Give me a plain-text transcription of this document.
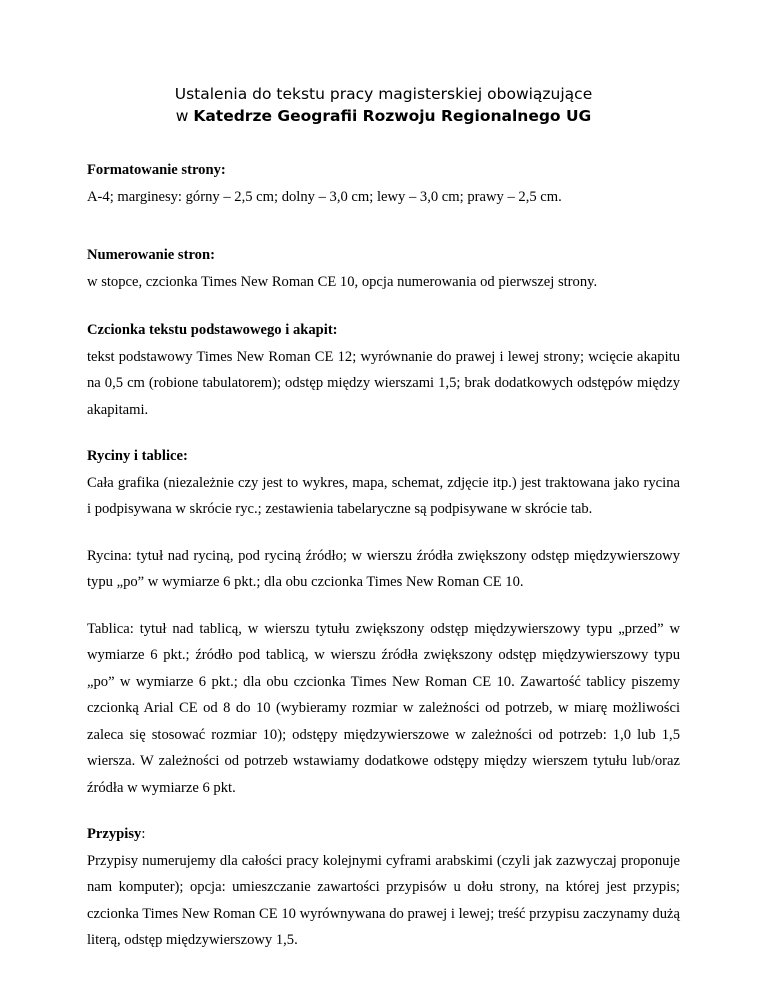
Ustalenia do tekstu pracy magisterskiej obowiązujące
w Katedrze Geografii Rozwoju Regionalnego UG
Formatowanie strony:

A-4; marginesy: górny – 2,5 cm; dolny – 3,0 cm; lewy – 3,0 cm; prawy – 2,5 cm.

Numerowanie stron:

w stopce, czcionka Times New Roman CE 10, opcja numerowania od pierwszej strony.

Czcionka tekstu podstawowego i akapit:

tekst podstawowy Times New Roman CE 12; wyrównanie do prawej i lewej strony; wcięcie akapitu na 0,5 cm (robione tabulatorem); odstęp między wierszami 1,5; brak dodatkowych odstępów między akapitami.

Ryciny i tablice:

Cała grafika (niezależnie czy jest to wykres, mapa, schemat, zdjęcie itp.) jest traktowana jako rycina i podpisywana w skrócie ryc.; zestawienia tabelaryczne są podpisywane w skrócie tab.

Rycina: tytuł nad ryciną, pod ryciną źródło; w wierszu źródła zwiększony odstęp międzywierszowy typu „po” w wymiarze 6 pkt.; dla obu czcionka Times New Roman CE 10.

Tablica: tytuł nad tablicą, w wierszu tytułu zwiększony odstęp międzywierszowy typu „przed” w wymiarze 6 pkt.; źródło pod tablicą, w wierszu źródła zwiększony odstęp międzywierszowy typu „po” w wymiarze 6 pkt.; dla obu czcionka Times New Roman CE 10. Zawartość tablicy piszemy czcionką Arial CE od 8 do 10 (wybieramy rozmiar w zależności od potrzeb, w miarę możliwości zaleca się stosować rozmiar 10); odstępy międzywierszowe w zależności od potrzeb: 1,0 lub 1,5 wiersza. W zależności od potrzeb wstawiamy dodatkowe odstępy między wierszem tytułu lub/oraz źródła w wymiarze 6 pkt.

Przypisy:

Przypisy numerujemy dla całości pracy kolejnymi cyframi arabskimi (czyli jak zazwyczaj proponuje nam komputer); opcja: umieszczanie zawartości przypisów u dołu strony, na której jest przypis; czcionka Times New Roman CE 10 wyrównywana do prawej i lewej; treść przypisu zaczynamy dużą literą, odstęp międzywierszowy 1,5.
